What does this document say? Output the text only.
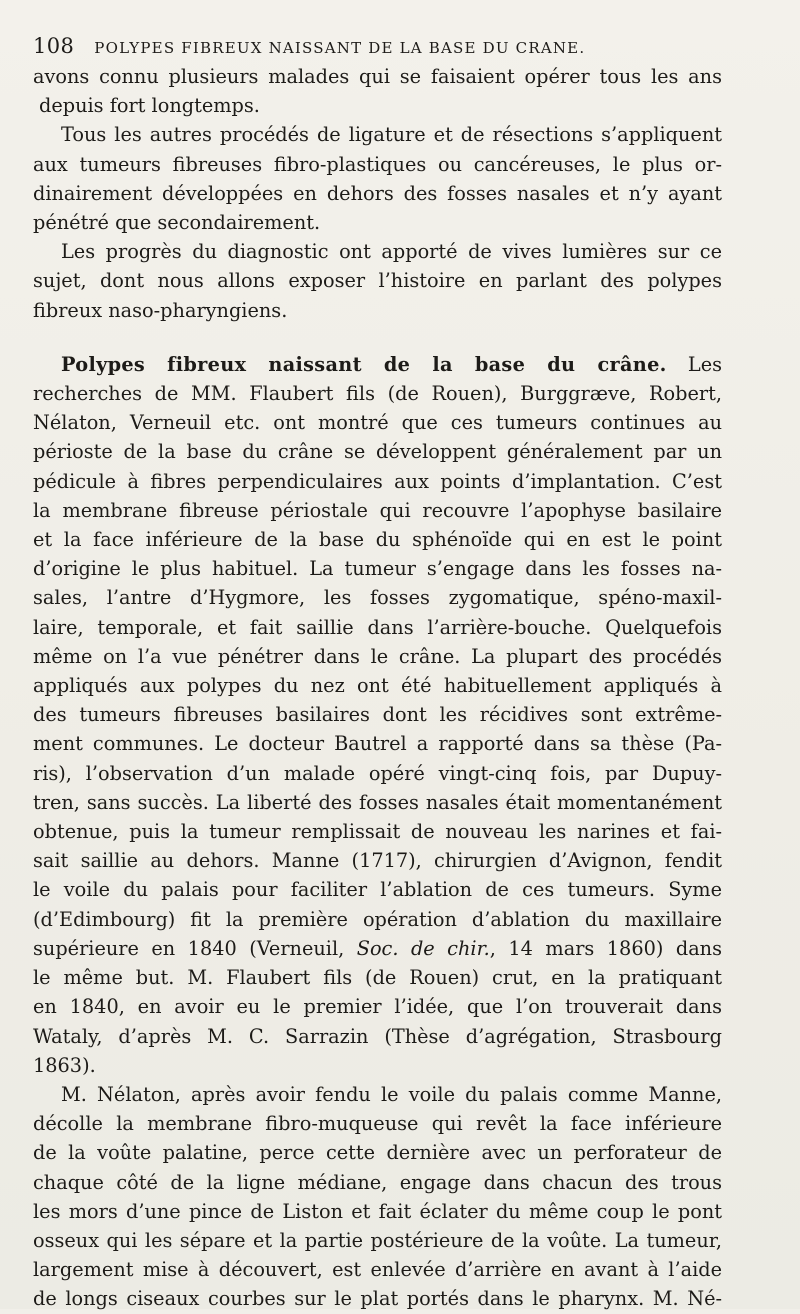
108 POLYPES FIBREUX NAISSANT DE LA BASE DU CRANE.
avons connu plusieurs malades qui se faisaient opérer tous les ans
depuis fort longtemps.
Tous les autres procédés de ligature et de résections s’appliquent
aux tumeurs fibreuses fibro-plastiques ou cancéreuses, le plus or-
dinairement développées en dehors des fosses nasales et n’y ayant
pénétré que secondairement.
Les progrès du diagnostic ont apporté de vives lumières sur ce
sujet, dont nous allons exposer l’histoire en parlant des polypes
fibreux naso-pharyngiens.
Polypes fibreux naissant de la base du crâne. Les
recherches de MM. Flaubert fils (de Rouen), Burggræve, Robert,
Nélaton, Verneuil etc. ont montré que ces tumeurs continues au
périoste de la base du crâne se développent généralement par un
pédicule à fibres perpendiculaires aux points d’implantation. C’est
la membrane fibreuse périostale qui recouvre l’apophyse basilaire
et la face inférieure de la base du sphénoïde qui en est le point
d’origine le plus habituel. La tumeur s’engage dans les fosses na-
sales, l’antre d’Hygmore, les fosses zygomatique, spéno-maxil-
laire, temporale, et fait saillie dans l’arrière-bouche. Quelquefois
même on l’a vue pénétrer dans le crâne. La plupart des procédés
appliqués aux polypes du nez ont été habituellement appliqués à
des tumeurs fibreuses basilaires dont les récidives sont extrême-
ment communes. Le docteur Bautrel a rapporté dans sa thèse (Pa-
ris), l’observation d’un malade opéré vingt-cinq fois, par Dupuy-
tren, sans succès. La liberté des fosses nasales était momentanément
obtenue, puis la tumeur remplissait de nouveau les narines et fai-
sait saillie au dehors. Manne (1717), chirurgien d’Avignon, fendit
le voile du palais pour faciliter l’ablation de ces tumeurs. Syme
(d’Edimbourg) fit la première opération d’ablation du maxillaire
supérieure en 1840 (Verneuil, Soc. de chir., 14 mars 1860) dans
le même but. M. Flaubert fils (de Rouen) crut, en la pratiquant
en 1840, en avoir eu le premier l’idée, que l’on trouverait dans
Wataly, d’après M. C. Sarrazin (Thèse d’agrégation, Strasbourg
1863).
M. Nélaton, après avoir fendu le voile du palais comme Manne,
décolle la membrane fibro-muqueuse qui revêt la face inférieure
de la voûte palatine, perce cette dernière avec un perforateur de
chaque côté de la ligne médiane, engage dans chacun des trous
les mors d’une pince de Liston et fait éclater du même coup le pont
osseux qui les sépare et la partie postérieure de la voûte. La tumeur,
largement mise à découvert, est enlevée d’arrière en avant à l’aide
de longs ciseaux courbes sur le plat portés dans le pharynx. M. Né-
